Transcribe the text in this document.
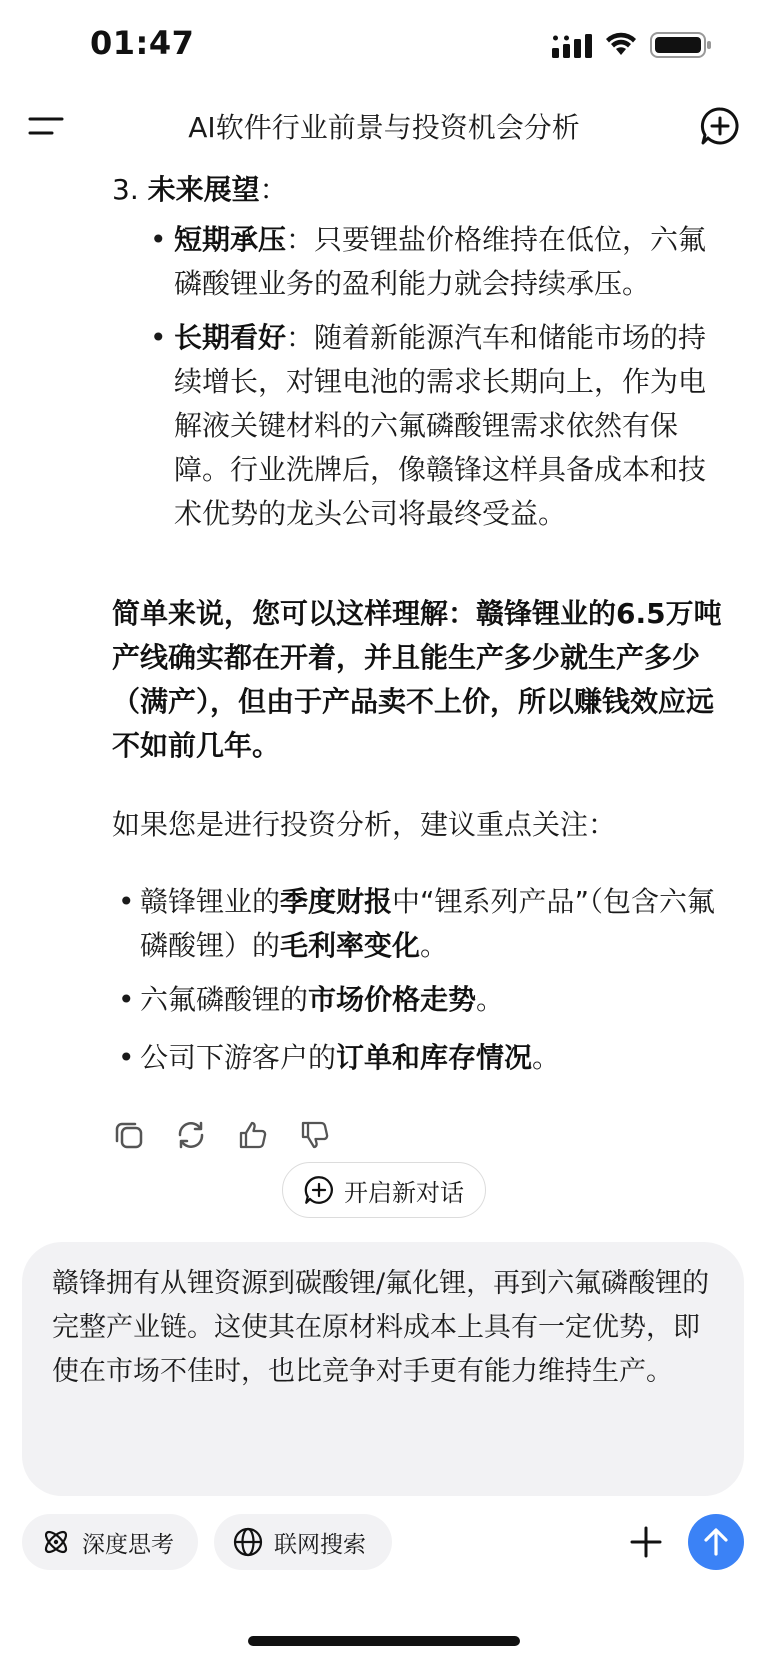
01:47
AI软件行业前景与投资机会分析
3. 未来展望：
• 短期承压：只要锂盐价格维持在低位，六氟磷酸锂业务的盈利能力就会持续承压。
• 长期看好：随着新能源汽车和储能市场的持续增长，对锂电池的需求长期向上，作为电解液关键材料的六氟磷酸锂需求依然有保障。行业洗牌后，像赣锋这样具备成本和技术优势的龙头公司将最终受益。
简单来说，您可以这样理解：赣锋锂业的6.5万吨产线确实都在开着，并且能生产多少就生产多少（满产），但由于产品卖不上价，所以赚钱效应远不如前几年。
如果您是进行投资分析，建议重点关注：
• 赣锋锂业的季度财报中“锂系列产品”（包含六氟磷酸锂）的毛利率变化。
• 六氟磷酸锂的市场价格走势。
• 公司下游客户的订单和库存情况。
开启新对话
赣锋拥有从锂资源到碳酸锂/氟化锂，再到六氟磷酸锂的完整产业链。这使其在原材料成本上具有一定优势，即使在市场不佳时，也比竞争对手更有能力维持生产。
深度思考	联网搜索
